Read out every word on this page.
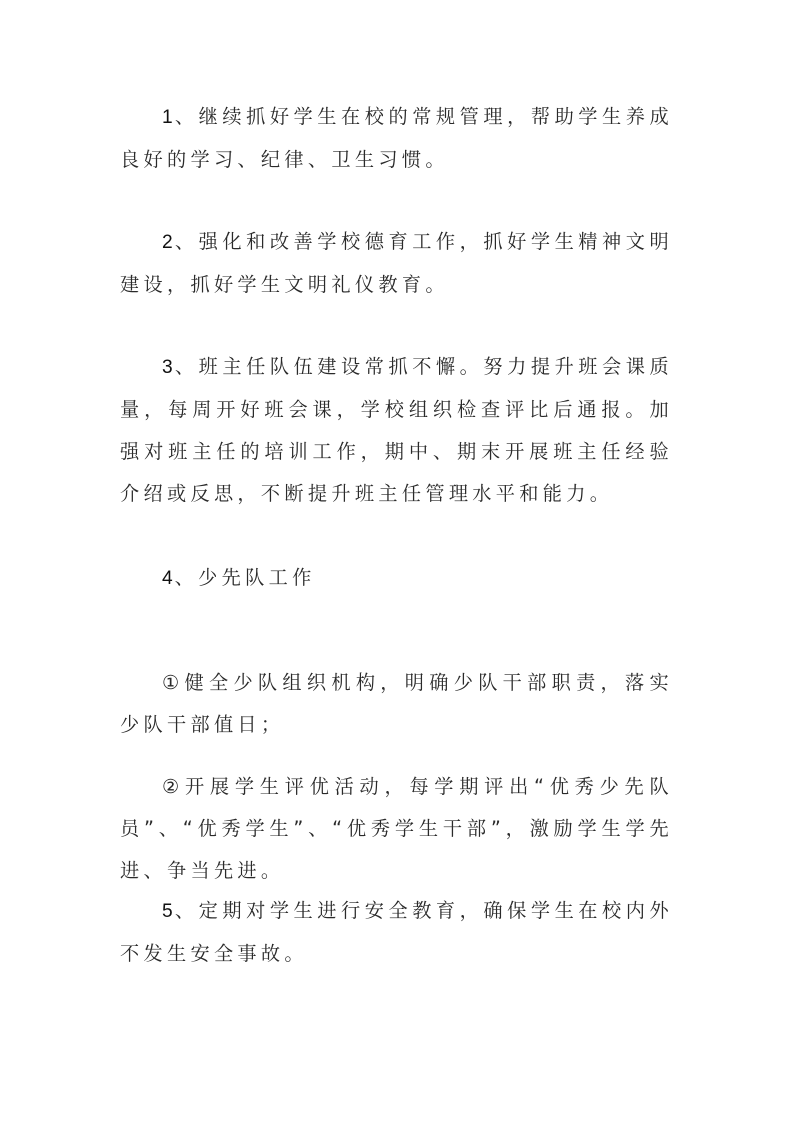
1、继续抓好学生在校的常规管理，帮助学生养成良好的学习、纪律、卫生习惯。

2、强化和改善学校德育工作，抓好学生精神文明建设，抓好学生文明礼仪教育。

3、班主任队伍建设常抓不懈。努力提升班会课质量，每周开好班会课，学校组织检查评比后通报。加强对班主任的培训工作，期中、期末开展班主任经验介绍或反思，不断提升班主任管理水平和能力。

4、少先队工作

①健全少队组织机构，明确少队干部职责，落实少队干部值日；

②开展学生评优活动，每学期评出“优秀少先队员”、“优秀学生”、“优秀学生干部”，激励学生学先进、争当先进。

5、定期对学生进行安全教育，确保学生在校内外不发生安全事故。
